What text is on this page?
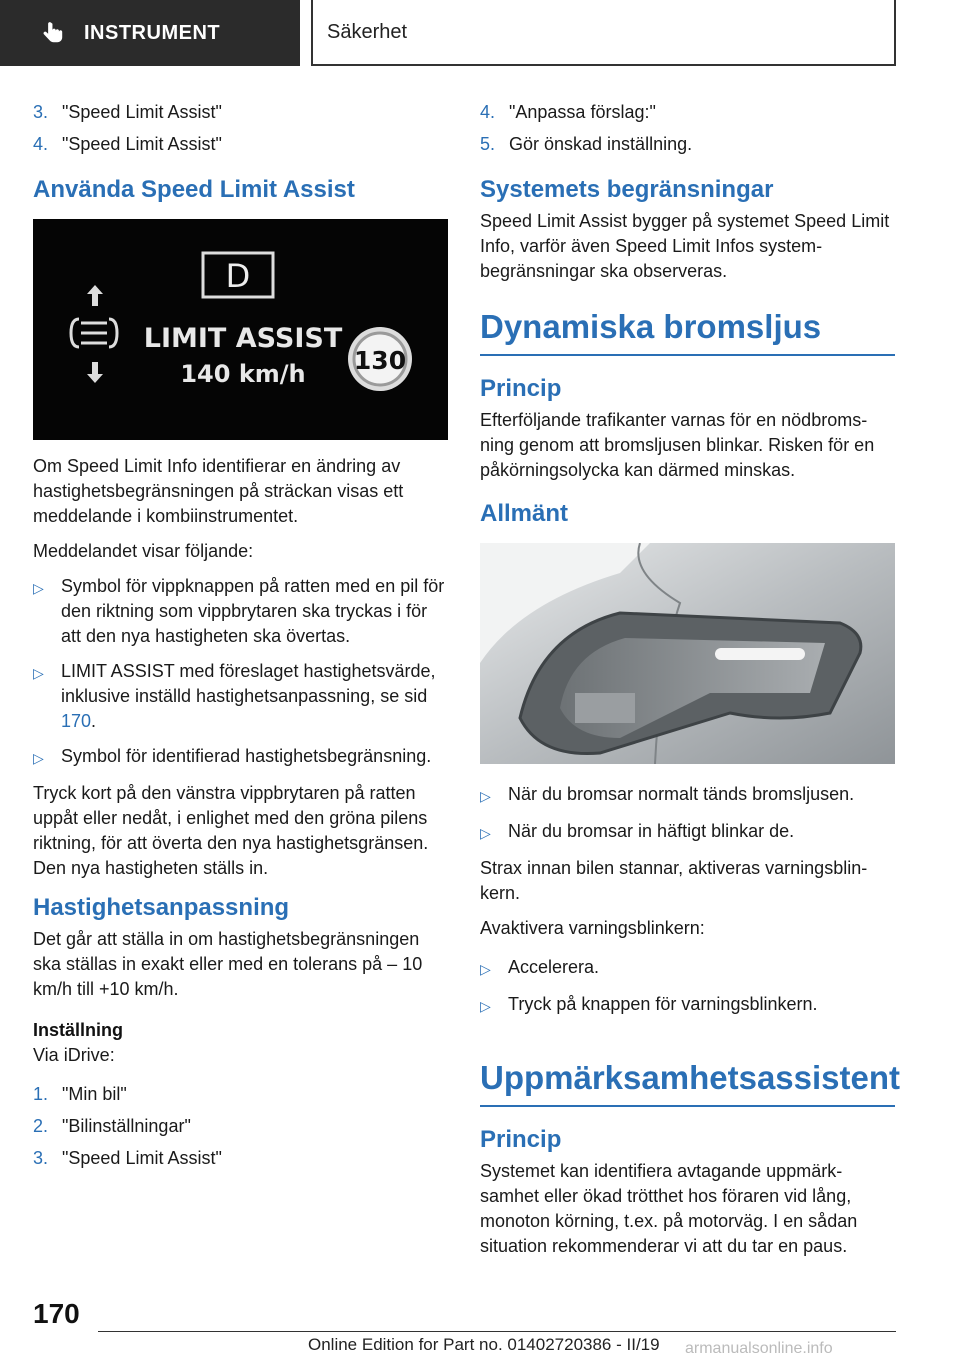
INSTRUMENT	Säkerhet
3. "Speed Limit Assist"
4. "Speed Limit Assist"
Använda Speed Limit Assist
D
LIMIT ASSIST
140 km/h 130

Om Speed Limit Info identifierar en ändring av hastighetsbegränsningen på sträckan visas ett meddelande i kombiinstrumentet.

Meddelandet visar följande:

▷ Symbol för vippknappen på ratten med en pil för den riktning som vippbrytaren ska tryckas i för att den nya hastigheten ska övertas.
▷ LIMIT ASSIST med föreslaget hastighetsvärde, inklusive inställd hastighetsanpassning, se sid 170.
▷ Symbol för identifierad hastighetsbegränsning.

Tryck kort på den vänstra vippbrytaren på ratten uppåt eller nedåt, i enlighet med den gröna pilens riktning, för att överta den nya hastighetsgränsen. Den nya hastigheten ställs in.

Hastighetsanpassning

Det går att ställa in om hastighetsbegränsningen ska ställas in exakt eller med en tolerans på – 10 km/h till +10 km/h.

Inställning

Via iDrive:

1. "Min bil"
2. "Bilinställningar"
3. "Speed Limit Assist"
4. "Anpassa förslag:"
5. Gör önskad inställning.
Systemets begränsningar

Speed Limit Assist bygger på systemet Speed Limit Info, varför även Speed Limit Infos systembegränsningar ska observeras.

Dynamiska bromsljus
Princip

Efterföljande trafikanter varnas för en nödbromsning genom att bromsljusen blinkar. Risken för en påkörningsolycka kan därmed minskas.

Allmänt
▷ När du bromsar normalt tänds bromsljusen.
▷ När du bromsar in häftigt blinkar de.

Strax innan bilen stannar, aktiveras varningsblinkern.

Avaktivera varningsblinkern:

▷ Accelerera.
▷ Tryck på knappen för varningsblinkern.
Uppmärksamhetsassistent
Princip

Systemet kan identifiera avtagande uppmärksamhet eller ökad trötthet hos föraren vid lång, monoton körning, t.ex. på motorväg. I en sådan situation rekommenderar vi att du tar en paus.

170
Online Edition for Part no. 01402720386 - II/19 armanualsonline.info
